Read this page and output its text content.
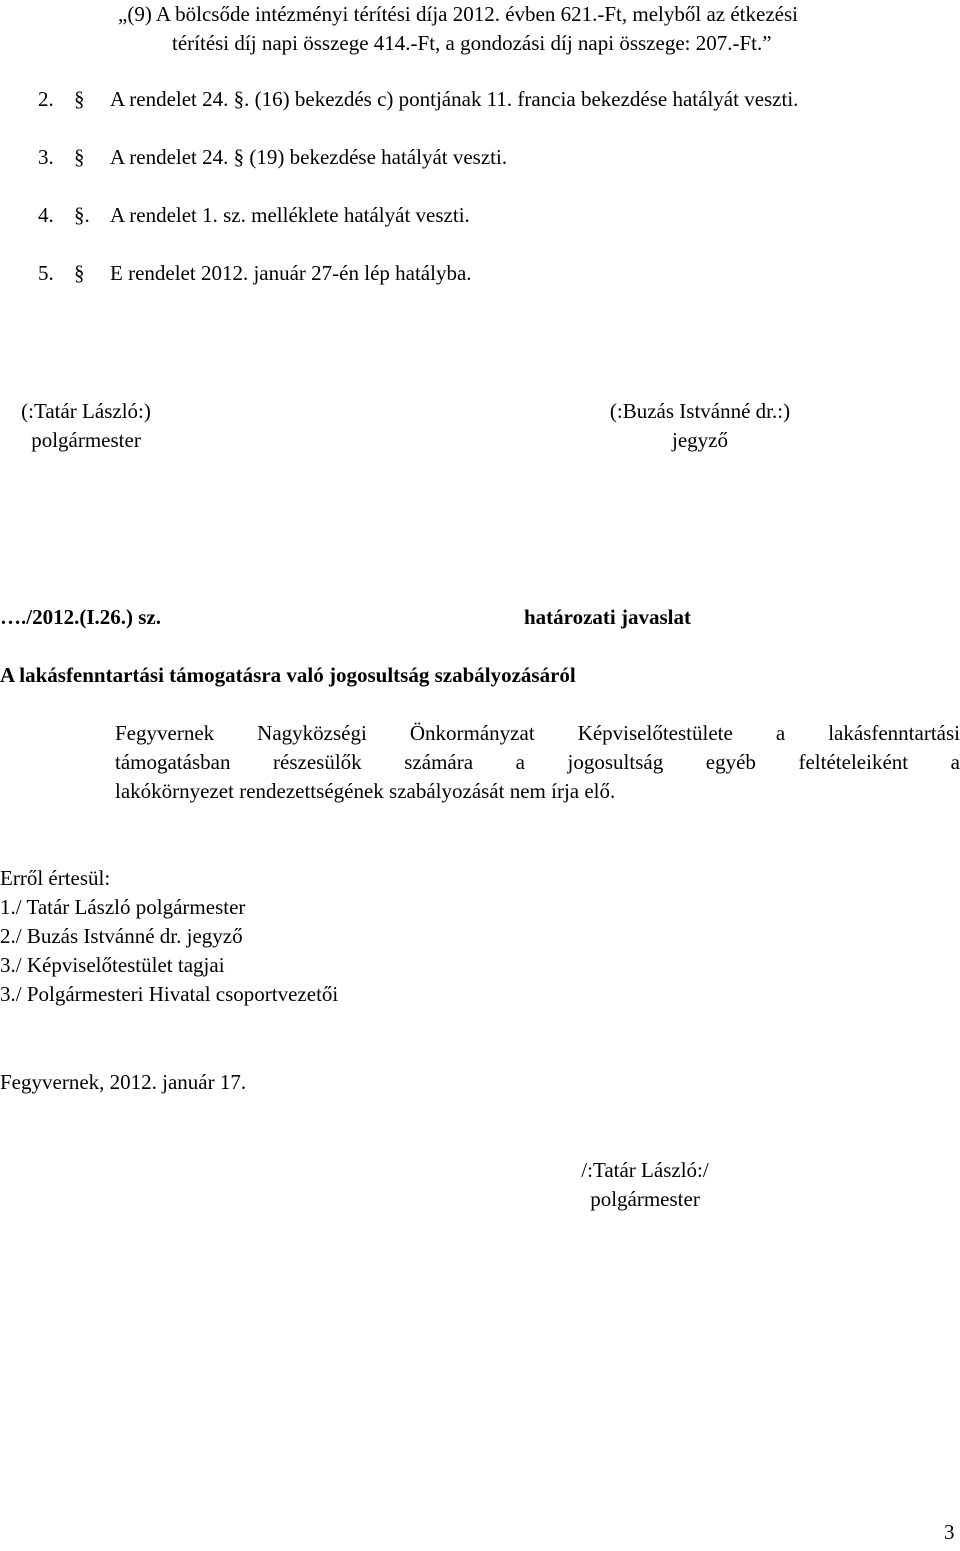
„(9) A bölcsőde intézményi térítési díja 2012. évben 621.-Ft, melyből az étkezési
térítési díj napi összege 414.-Ft, a gondozási díj napi összege: 207.-Ft.”
2. § A rendelet 24. §. (16) bekezdés c) pontjának 11. francia bekezdése hatályát veszti.
3. § A rendelet 24. § (19) bekezdése hatályát veszti.
4. §. A rendelet 1. sz. melléklete hatályát veszti.
5. § E rendelet 2012. január 27-én lép hatályba.
(:Tatár László:)
polgármester
(:Buzás Istvánné dr.:)
jegyző
…./2012.(I.26.) sz.	határozati javaslat
A lakásfenntartási támogatásra való jogosultság szabályozásáról
Fegyvernek Nagyközségi Önkormányzat Képviselőtestülete a lakásfenntartási
támogatásban részesülők számára a jogosultság egyéb feltételeiként a
lakókörnyezet rendezettségének szabályozását nem írja elő.
Erről értesül:
1./ Tatár László polgármester
2./ Buzás Istvánné dr. jegyző
3./ Képviselőtestület tagjai
3./ Polgármesteri Hivatal csoportvezetői
Fegyvernek, 2012. január 17.
/:Tatár László:/
polgármester
3
